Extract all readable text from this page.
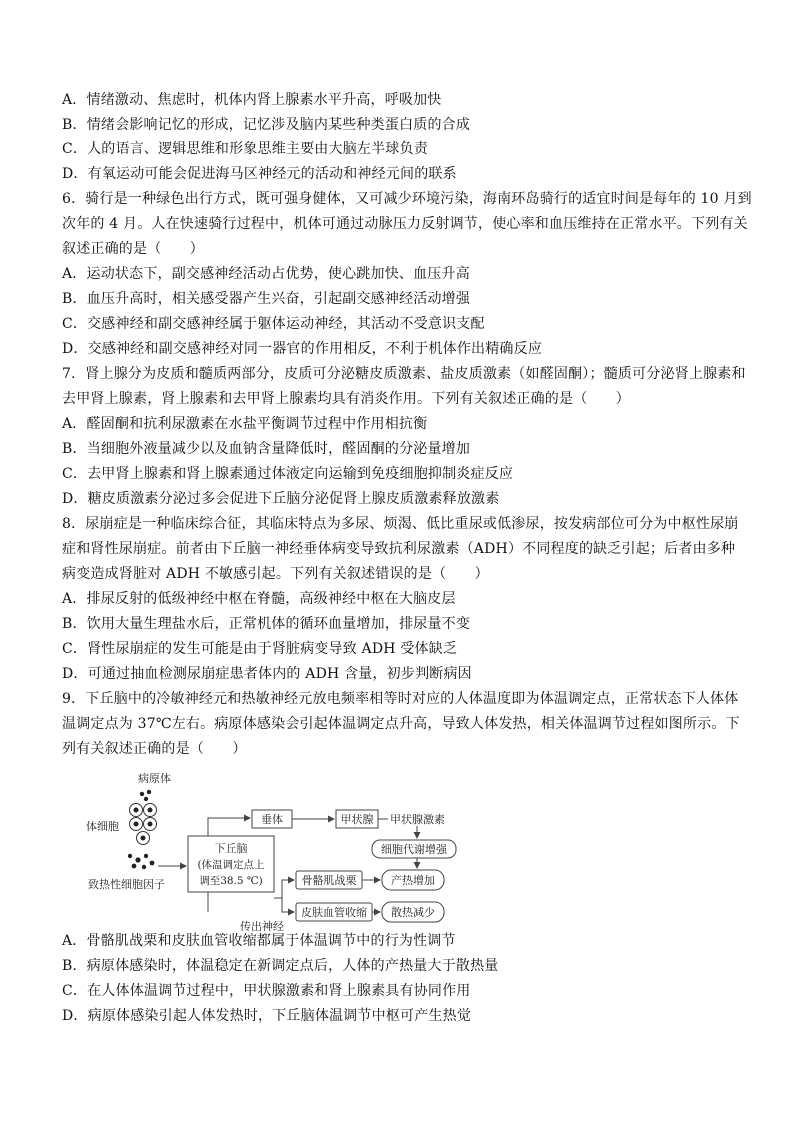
A．情绪激动、焦虑时，机体内肾上腺素水平升高，呼吸加快
B．情绪会影响记忆的形成，记忆涉及脑内某些种类蛋白质的合成
C．人的语言、逻辑思维和形象思维主要由大脑左半球负责
D．有氧运动可能会促进海马区神经元的活动和神经元间的联系
6．骑行是一种绿色出行方式，既可强身健体，又可减少环境污染，海南环岛骑行的适宜时间是每年的 10 月到
次年的 4 月。人在快速骑行过程中，机体可通过动脉压力反射调节，使心率和血压维持在正常水平。下列有关
叙述正确的是（　　）
A．运动状态下，副交感神经活动占优势，使心跳加快、血压升高
B．血压升高时，相关感受器产生兴奋，引起副交感神经活动增强
C．交感神经和副交感神经属于躯体运动神经，其活动不受意识支配
D．交感神经和副交感神经对同一器官的作用相反，不利于机体作出精确反应
7．肾上腺分为皮质和髓质两部分，皮质可分泌糖皮质激素、盐皮质激素（如醛固酮）；髓质可分泌肾上腺素和
去甲肾上腺素，肾上腺素和去甲肾上腺素均具有消炎作用。下列有关叙述正确的是（　　）
A．醛固酮和抗利尿激素在水盐平衡调节过程中作用相抗衡
B．当细胞外液量减少以及血钠含量降低时，醛固酮的分泌量增加
C．去甲肾上腺素和肾上腺素通过体液定向运输到免疫细胞抑制炎症反应
D．糖皮质激素分泌过多会促进下丘脑分泌促肾上腺皮质激素释放激素
8．尿崩症是一种临床综合征，其临床特点为多尿、烦渴、低比重尿或低渗尿，按发病部位可分为中枢性尿崩
症和肾性尿崩症。前者由下丘脑一神经垂体病变导致抗利尿激素（ADH）不同程度的缺乏引起；后者由多种
病变造成肾脏对 ADH 不敏感引起。下列有关叙述错误的是（　　）
A．排尿反射的低级神经中枢在脊髓，高级神经中枢在大脑皮层
B．饮用大量生理盐水后，正常机体的循环血量增加，排尿量不变
C．肾性尿崩症的发生可能是由于肾脏病变导致 ADH 受体缺乏
D．可通过抽血检测尿崩症患者体内的 ADH 含量，初步判断病因
9．下丘脑中的冷敏神经元和热敏神经元放电频率相等时对应的人体温度即为体温调定点，正常状态下人体体
温调定点为 37℃左右。病原体感染会引起体温调定点升高，导致人体发热，相关体温调节过程如图所示。下
列有关叙述正确的是（　　）
病原体
体细胞
致热性细胞因子
下丘脑
(体温调定点上
调至38.5 ℃)
垂体	甲状腺 甲状腺激素
细胞代谢增强
传出神经
骨骼肌战栗	产热增加
皮肤血管收缩 散热减少
A．骨骼肌战栗和皮肤血管收缩都属于体温调节中的行为性调节
B．病原体感染时，体温稳定在新调定点后，人体的产热量大于散热量
C．在人体体温调节过程中，甲状腺激素和肾上腺素具有协同作用
D．病原体感染引起人体发热时，下丘脑体温调节中枢可产生热觉
